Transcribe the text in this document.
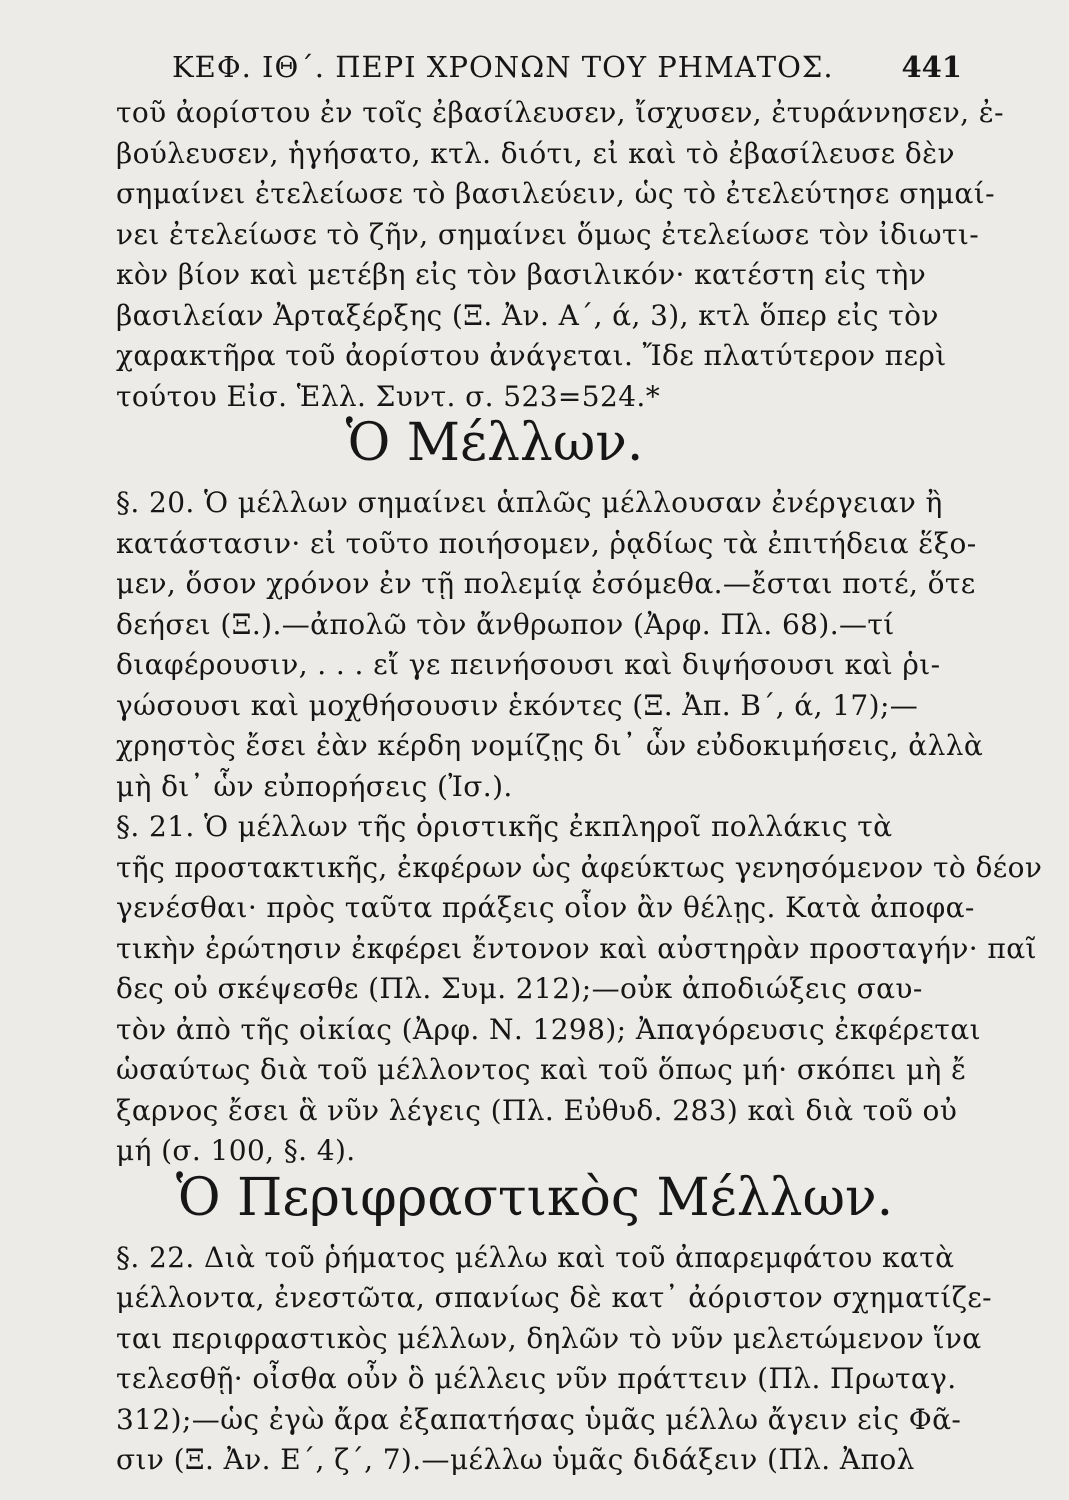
ΚΕΦ. ΙΘ΄. ΠΕΡΙ ΧΡΟΝΩΝ ΤΟΥ ΡΗΜΑΤΟΣ. 441
τοῦ ἀορίστου ἐν τοῖς ἐβασίλευσεν, ἴσχυσεν, ἐτυράννησεν, ἐ-
βούλευσεν, ἡγήσατο, κτλ. διότι, εἰ καὶ τὸ ἐβασίλευσε δὲν
σημαίνει ἐτελείωσε τὸ βασιλεύειν, ὡς τὸ ἐτελεύτησε σημαί-
νει ἐτελείωσε τὸ ζῆν, σημαίνει ὅμως ἐτελείωσε τὸν ἰδιωτι-
κὸν βίον καὶ μετέβη εἰς τὸν βασιλικόν· κατέστη εἰς τὴν
βασιλείαν Ἀρταξέρξης (Ξ. Ἀν. Α΄, ά, 3), κτλ ὅπερ εἰς τὸν
χαρακτῆρα τοῦ ἀορίστου ἀνάγεται. Ἴδε πλατύτερον περὶ
τούτου Εἰσ. Ἑλλ. Συντ. σ. 523=524.*
Ὁ Μέλλων.
§. 20. Ὁ μέλλων σημαίνει ἁπλῶς μέλλουσαν ἐνέργειαν ἢ
κατάστασιν· εἰ τοῦτο ποιήσομεν, ῥᾳδίως τὰ ἐπιτήδεια ἕξο-
μεν, ὅσον χρόνον ἐν τῇ πολεμίᾳ ἐσόμεθα.—ἔσται ποτέ, ὅτε
δεήσει (Ξ.).—ἀπολῶ τὸν ἄνθρωπον (Ἀρφ. Πλ. 68).—τί
διαφέρουσιν, . . . εἴ γε πεινήσουσι καὶ διψήσουσι καὶ ῥι-
γώσουσι καὶ μοχθήσουσιν ἑκόντες (Ξ. Ἀπ. Β΄, ά, 17);—
χρηστὸς ἔσει ἐὰν κέρδη νομίζῃς δι᾽ ὧν εὐδοκιμήσεις, ἀλλὰ
μὴ δι᾽ ὧν εὐπορήσεις (Ἰσ.).
§. 21. Ὁ μέλλων τῆς ὁριστικῆς ἐκπληροῖ πολλάκις τὰ
τῆς προστακτικῆς, ἐκφέρων ὡς ἀφεύκτως γενησόμενον τὸ δέον
γενέσθαι· πρὸς ταῦτα πράξεις οἷον ἂν θέλῃς. Κατὰ ἀποφα-
τικὴν ἐρώτησιν ἐκφέρει ἔντονον καὶ αὐστηρὰν προσταγήν· παῖ
δες οὐ σκέψεσθε (Πλ. Συμ. 212);—οὐκ ἀποδιώξεις σαυ-
τὸν ἀπὸ τῆς οἰκίας (Ἀρφ. Ν. 1298); Ἀπαγόρευσις ἐκφέρεται
ὡσαύτως διὰ τοῦ μέλλοντος καὶ τοῦ ὅπως μή· σκόπει μὴ ἔ
ξαρνος ἔσει ἃ νῦν λέγεις (Πλ. Εὐθυδ. 283) καὶ διὰ τοῦ οὐ
μή (σ. 100, §. 4).
Ὁ Περιφραστικὸς Μέλλων.
§. 22. Διὰ τοῦ ῥήματος μέλλω καὶ τοῦ ἀπαρεμφάτου κατὰ
μέλλοντα, ἐνεστῶτα, σπανίως δὲ κατ᾽ ἀόριστον σχηματίζε-
ται περιφραστικὸς μέλλων, δηλῶν τὸ νῦν μελετώμενον ἵνα
τελεσθῇ· οἶσθα οὖν ὃ μέλλεις νῦν πράττειν (Πλ. Πρωταγ.
312);—ὡς ἐγὼ ἄρα ἐξαπατήσας ὑμᾶς μέλλω ἄγειν εἰς Φᾶ-
σιν (Ξ. Ἀν. Ε΄, ζ΄, 7).—μέλλω ὑμᾶς διδάξειν (Πλ. Ἀπολ
